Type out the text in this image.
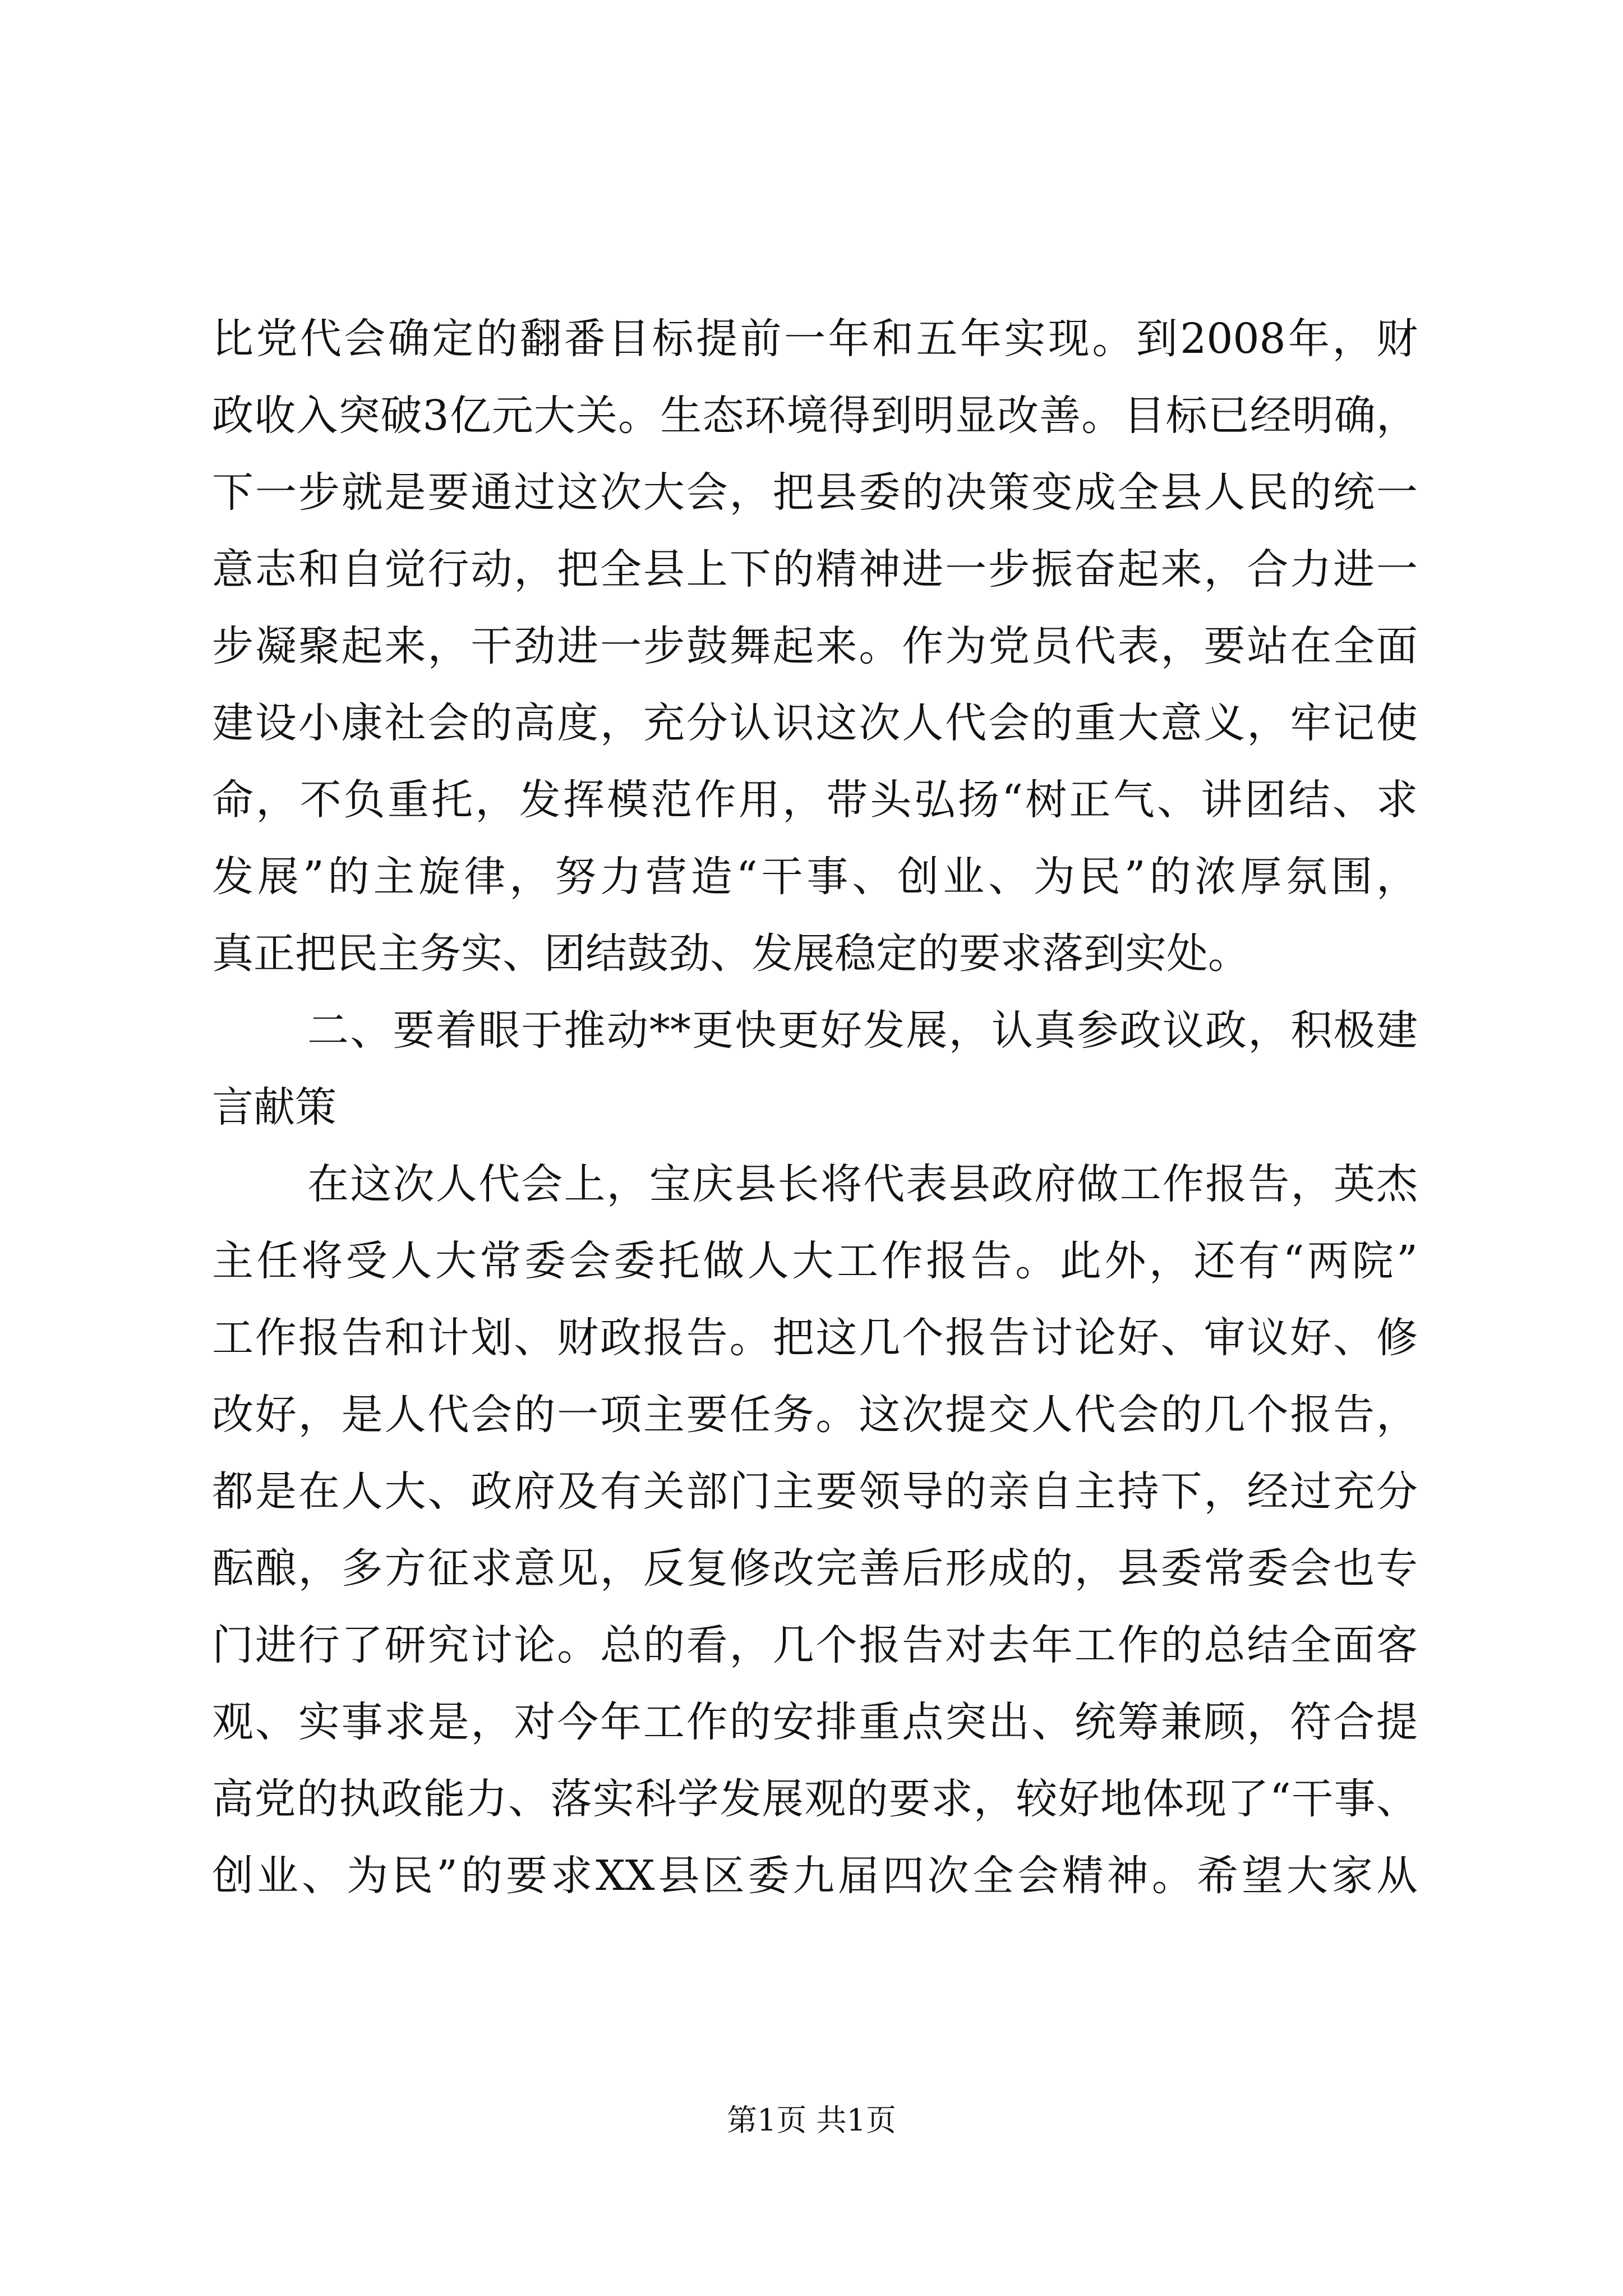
比党代会确定的翻番目标提前一年和五年实现。到2008年，财
政收入突破3亿元大关。生态环境得到明显改善。目标已经明确，
下一步就是要通过这次大会，把县委的决策变成全县人民的统一
意志和自觉行动，把全县上下的精神进一步振奋起来，合力进一
步凝聚起来，干劲进一步鼓舞起来。作为党员代表，要站在全面
建设小康社会的高度，充分认识这次人代会的重大意义，牢记使
命，不负重托，发挥模范作用，带头弘扬“树正气、讲团结、求
发展”的主旋律，努力营造“干事、创业、为民”的浓厚氛围，
真正把民主务实、团结鼓劲、发展稳定的要求落到实处。
二、要着眼于推动**更快更好发展，认真参政议政，积极建
言献策
在这次人代会上，宝庆县长将代表县政府做工作报告，英杰
主任将受人大常委会委托做人大工作报告。此外，还有“两院”
工作报告和计划、财政报告。把这几个报告讨论好、审议好、修
改好，是人代会的一项主要任务。这次提交人代会的几个报告，
都是在人大、政府及有关部门主要领导的亲自主持下，经过充分
酝酿，多方征求意见，反复修改完善后形成的，县委常委会也专
门进行了研究讨论。总的看，几个报告对去年工作的总结全面客
观、实事求是，对今年工作的安排重点突出、统筹兼顾，符合提
高党的执政能力、落实科学发展观的要求，较好地体现了“干事、
创业、为民”的要求XX县区委九届四次全会精神。希望大家从
第1页 共1页
